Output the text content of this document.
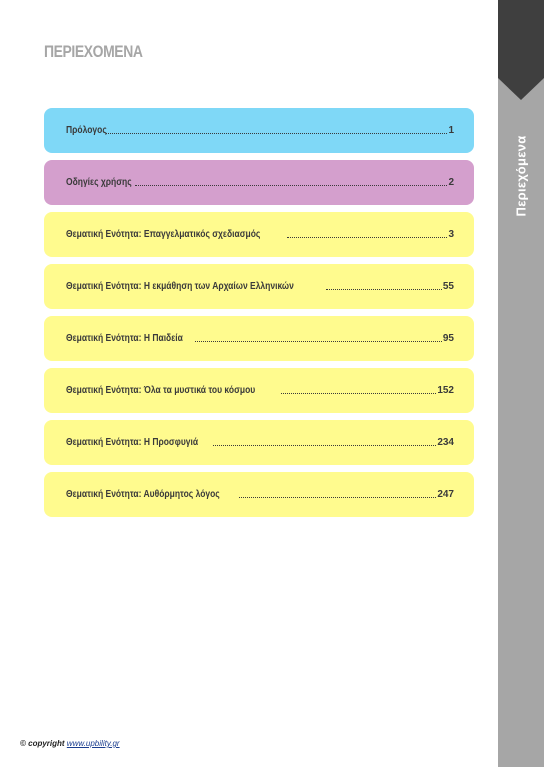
ΠΕΡΙΕΧΟΜΕΝΑ
Περιεχόμενα
Πρόλογος	1
Οδηγίες χρήσης	2
Θεματική Ενότητα: Επαγγελματικός σχεδιασμός	3
Θεματική Ενότητα: Η εκμάθηση των Αρχαίων Ελληνικών	55
Θεματική Ενότητα: Η Παιδεία	95
Θεματική Ενότητα: Όλα τα μυστικά του κόσμου	152
Θεματική Ενότητα: Η Προσφυγιά	234
Θεματική Ενότητα: Αυθόρμητος λόγος	247
© copyright www.upbility.gr
